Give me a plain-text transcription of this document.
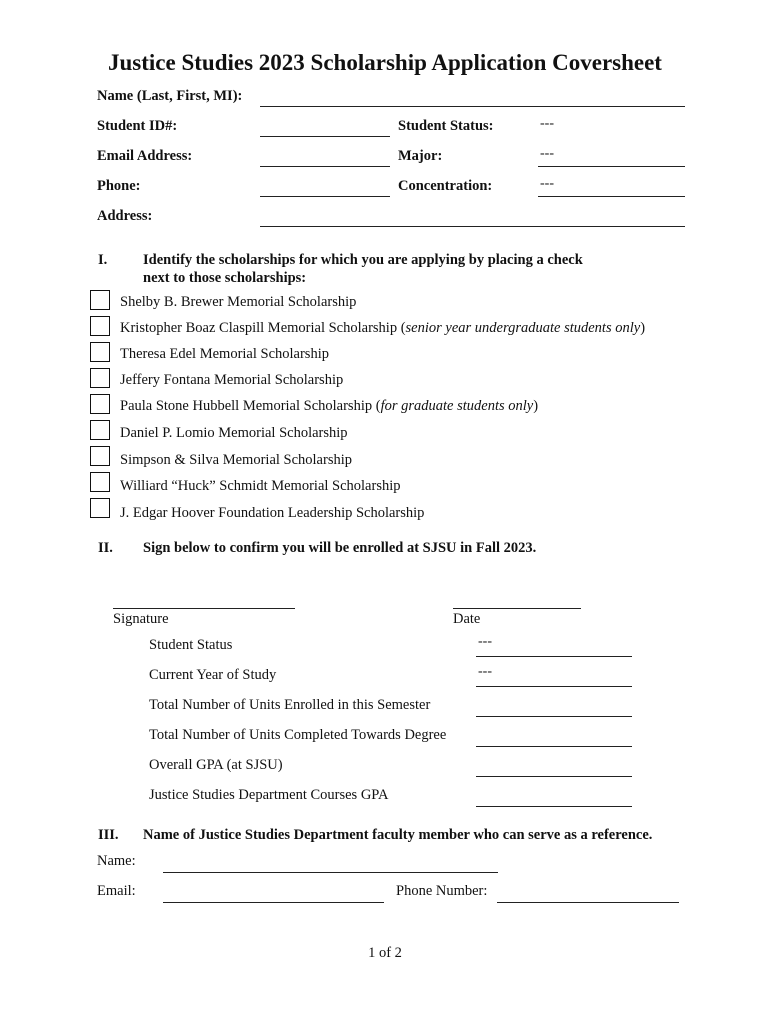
Justice Studies 2023 Scholarship Application Coversheet
Name (Last, First, MI):
Student ID#:	Student Status:	---
Email Address:	Major:	---
Phone:	Concentration:	---
Address:
I. Identify the scholarships for which you are applying by placing a check
next to those scholarships:
Shelby B. Brewer Memorial Scholarship
Kristopher Boaz Claspill Memorial Scholarship (senior year undergraduate students only)
Theresa Edel Memorial Scholarship
Jeffery Fontana Memorial Scholarship
Paula Stone Hubbell Memorial Scholarship (for graduate students only)
Daniel P. Lomio Memorial Scholarship
Simpson & Silva Memorial Scholarship
Williard “Huck” Schmidt Memorial Scholarship
J. Edgar Hoover Foundation Leadership Scholarship
II. Sign below to confirm you will be enrolled at SJSU in Fall 2023.
Signature	Date
Student Status	---
Current Year of Study	---
Total Number of Units Enrolled in this Semester
Total Number of Units Completed Towards Degree
Overall GPA (at SJSU)
Justice Studies Department Courses GPA
III. Name of Justice Studies Department faculty member who can serve as a reference.
Name:
Email:	Phone Number:
1 of 2
